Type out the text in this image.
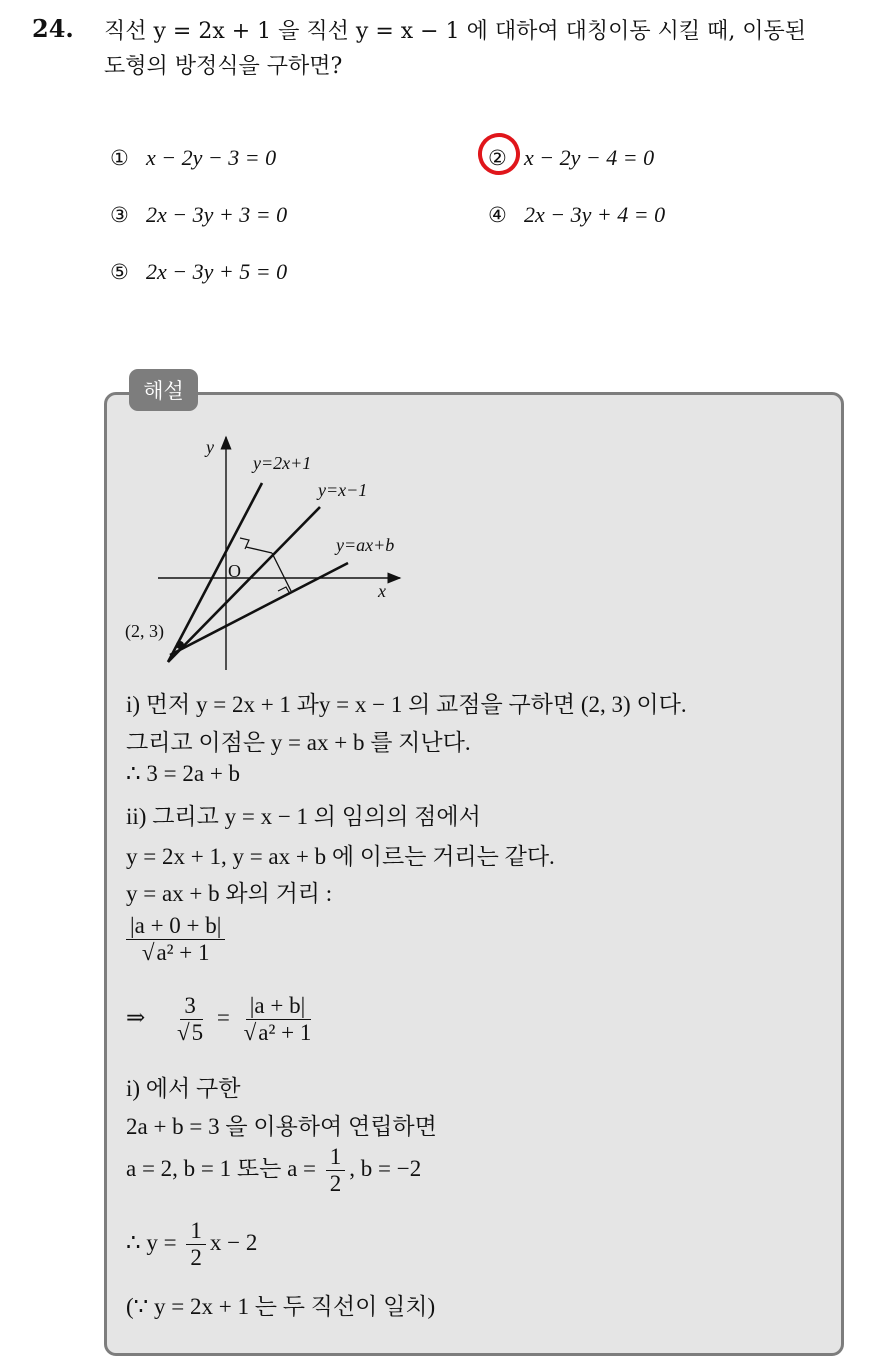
24. 직선 y = 2x + 1 을 직선 y = x − 1 에 대하여 대칭이동 시킬 때, 이동된
도형의 방정식을 구하면?
① x − 2y − 3 = 0	② x − 2y − 4 = 0
③ 2x − 3y + 3 = 0	④ 2x − 3y + 4 = 0
⑤ 2x − 3y + 5 = 0
해설
y
x
O
(2, 3)
y=2x+1
y=x−1
y=ax+b
i) 먼저 y = 2x + 1 과y = x − 1 의 교점을 구하면 (2, 3) 이다.
그리고 이점은 y = ax + b 를 지난다.
∴ 3 = 2a + b
ii) 그리고 y = x − 1 의 임의의 점에서
y = 2x + 1, y = ax + b 에 이르는 거리는 같다.
y = ax + b 와의 거리 :
$\frac{|a + 0 + b|}{\text{√a² + 1}}$
⇒ $\frac{3}{√5} = \frac{|a + b|}{\text{√a² + 1}}$
i) 에서 구한
2a + b = 3 을 이용하여 연립하면
a = 2, b = 1 또는 $a = \frac{1}{2}$ , b = −2
∴ $y = \frac{1}{2}$ x − 2
(∵ y = 2x + 1 는 두 직선이 일치)
